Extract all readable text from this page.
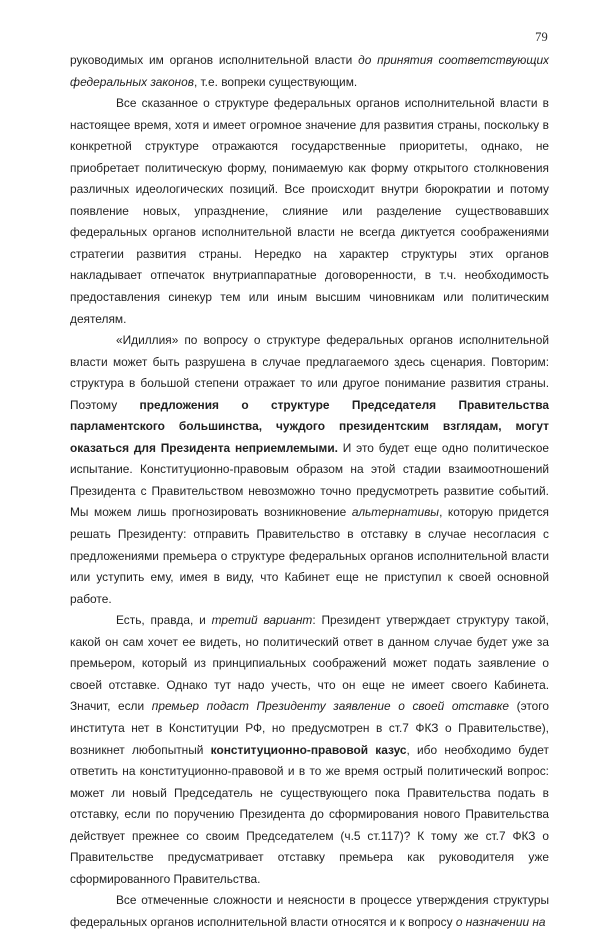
79

руководимых им органов исполнительной власти до принятия соответствующих федеральных законов, т.е. вопреки существующим.

Все сказанное о структуре федеральных органов исполнительной власти в настоящее время, хотя и имеет огромное значение для развития страны, поскольку в конкретной структуре отражаются государственные приоритеты, однако, не приобретает политическую форму, понимаемую как форму открытого столкновения различных идеологических позиций. Все происходит внутри бюрократии и потому появление новых, упразднение, слияние или разделение существовавших федеральных органов исполнительной власти не всегда диктуется соображениями стратегии развития страны. Нередко на характер структуры этих органов накладывает отпечаток внутриаппаратные договоренности, в т.ч. необходимость предоставления синекур тем или иным высшим чиновникам или политическим деятелям.

«Идиллия» по вопросу о структуре федеральных органов исполнительной власти может быть разрушена в случае предлагаемого здесь сценария. Повторим: структура в большой степени отражает то или другое понимание развития страны. Поэтому предложения о структуре Председателя Правительства парламентского большинства, чуждого президентским взглядам, могут оказаться для Президента неприемлемыми. И это будет еще одно политическое испытание. Конституционно-правовым образом на этой стадии взаимоотношений Президента с Правительством невозможно точно предусмотреть развитие событий. Мы можем лишь прогнозировать возникновение альтернативы, которую придется решать Президенту: отправить Правительство в отставку в случае несогласия с предложениями премьера о структуре федеральных органов исполнительной власти или уступить ему, имея в виду, что Кабинет еще не приступил к своей основной работе.

Есть, правда, и третий вариант: Президент утверждает структуру такой, какой он сам хочет ее видеть, но политический ответ в данном случае будет уже за премьером, который из принципиальных соображений может подать заявление о своей отставке. Однако тут надо учесть, что он еще не имеет своего Кабинета. Значит, если премьер подаст Президенту заявление о своей отставке (этого института нет в Конституции РФ, но предусмотрен в ст.7 ФКЗ о Правительстве), возникнет любопытный конституционно-правовой казус, ибо необходимо будет ответить на конституционно-правовой и в то же время острый политический вопрос: может ли новый Председатель не существующего пока Правительства подать в отставку, если по поручению Президента до сформирования нового Правительства действует прежнее со своим Председателем (ч.5 ст.117)? К тому же ст.7 ФКЗ о Правительстве предусматривает отставку премьера как руководителя уже сформированного Правительства.

Все отмеченные сложности и неясности в процессе утверждения структуры федеральных органов исполнительной власти относятся и к вопросу о назначении на
